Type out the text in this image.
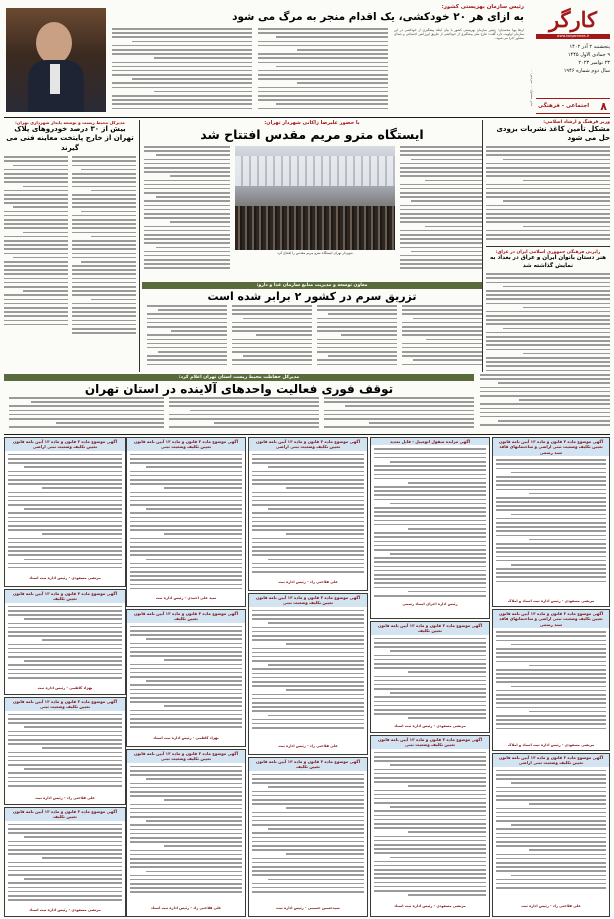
کارگر
www.kargarnews.ir
پنجشنبه ۲ آذر ۱۴۰۲
۹ جمادی الاول ۱۴۴۵
۲۳ نوامبر ۲۰۲۳
سال دوم شماره ۱۹۴۶
۸
اجتماعی - فرهنگی
مدیر مسئول: ... سردبیر: ...
رئیس سازمان بهزیستی کشور:
به ازای هر ۲۰ خودکشی، یک اقدام منجر به مرگ می شود
ارتقا پویا محمدیان؛ رئیس سازمان بهزیستی کشور با بیان اینکه پیشگیری از خودکشی در این سازمان اولویت دارد گفت: طرح ملی پیشگیری از خودکشی از طریق اورژانس اجتماعی و صدای مشاور اجرا می شود...
وزیر فرهنگ و ارشاد اسلامی:
مشکل تأمین کاغذ نشریات بزودی حل می شود
رایزنی فرهنگی جمهوری اسلامی ایران در عراق:
هنر دستان بانوان ایران و عراق در بغداد به نمایش گذاشته شد
با حضور علیرضا زاکانی شهردار تهران:
ایستگاه مترو مریم مقدس افتتاح شد
شهردار تهران ایستگاه مترو مریم مقدس را افتتاح کرد
مدیرکل محیط زیست و توسعه پایدار شهرداری تهران:
بیش از ۳۰ درصد خودروهای پلاک تهران از خارج پایتخت معاینه فنی می گیرند
معاون توسعه و مدیریت منابع سازمان غذا و دارو:
تزریق سرم در کشور ۲ برابر شده است
مدیرکل حفاظت محیط زیست استان تهران اعلام کرد:
توقف فوری فعالیت واحدهای آلاینده در استان تهران
آگهی موضوع ماده ۳ قانون و ماده ۱۳ آیین نامه قانون تعیین تکلیف وضعیت ثبتی اراضی و ساختمانهای فاقد سند رسمی
مرتضی مسعودی - رئیس اداره ثبت اسناد و املاک
آگهی موضوع ماده ۳ قانون و ماده ۱۳ آیین نامه قانون تعیین تکلیف وضعیت ثبتی اراضی و ساختمانهای فاقد سند رسمی
مرتضی مسعودی - رئیس اداره ثبت اسناد و املاک
آگهی موضوع ماده ۳ قانون و ماده ۱۳ آیین نامه قانون تعیین تکلیف وضعیت ثبتی اراضی
علی فلاحتی راد - رئیس اداره ثبت
آگهی مزایده منقول اتومبیل - قابل تمدید
رئیس اداره اجرای اسناد رسمی
آگهی موضوع ماده ۳ قانون و ماده ۱۳ آیین نامه قانون تعیین تکلیف
مرتضی مسعودی - رئیس اداره ثبت اسناد
آگهی موضوع ماده ۳ قانون و ماده ۱۳ آیین نامه قانون تعیین تکلیف وضعیت ثبتی
مرتضی مسعودی - رئیس اداره ثبت اسناد
آگهی موضوع ماده ۳ قانون و ماده ۱۳ آیین نامه قانون تعیین تکلیف وضعیت ثبتی اراضی
علی فلاحتی راد - رئیس اداره ثبت
آگهی موضوع ماده ۳ قانون و ماده ۱۳ آیین نامه قانون تعیین تکلیف وضعیت ثبتی
علی فلاحتی راد - رئیس اداره ثبت
آگهی موضوع ماده ۳ قانون و ماده ۱۳ آیین نامه قانون تعیین تکلیف
سیدحسین حسینی - رئیس اداره ثبت
آگهی موضوع ماده ۳ قانون و ماده ۱۳ آیین نامه قانون تعیین تکلیف وضعیت ثبتی
سید علی احمدی - رئیس اداره ثبت
آگهی موضوع ماده ۳ قانون و ماده ۱۳ آیین نامه قانون تعیین تکلیف
بهزاد کاظمی - رئیس اداره ثبت اسناد
آگهی موضوع ماده ۳ قانون و ماده ۱۳ آیین نامه قانون تعیین تکلیف وضعیت ثبتی
علی فلاحتی راد - رئیس اداره ثبت اسناد
آگهی موضوع ماده ۳ قانون و ماده ۱۳ آیین نامه قانون تعیین تکلیف وضعیت ثبتی اراضی
مرتضی مسعودی - رئیس اداره ثبت اسناد
آگهی موضوع ماده ۳ قانون و ماده ۱۳ آیین نامه قانون تعیین تکلیف
بهزاد کاظمی - رئیس اداره ثبت
آگهی موضوع ماده ۳ قانون و ماده ۱۳ آیین نامه قانون تعیین تکلیف وضعیت ثبتی
علی فلاحتی راد - رئیس اداره ثبت
آگهی موضوع ماده ۳ قانون و ماده ۱۳ آیین نامه قانون تعیین تکلیف
مرتضی مسعودی - رئیس اداره ثبت اسناد
